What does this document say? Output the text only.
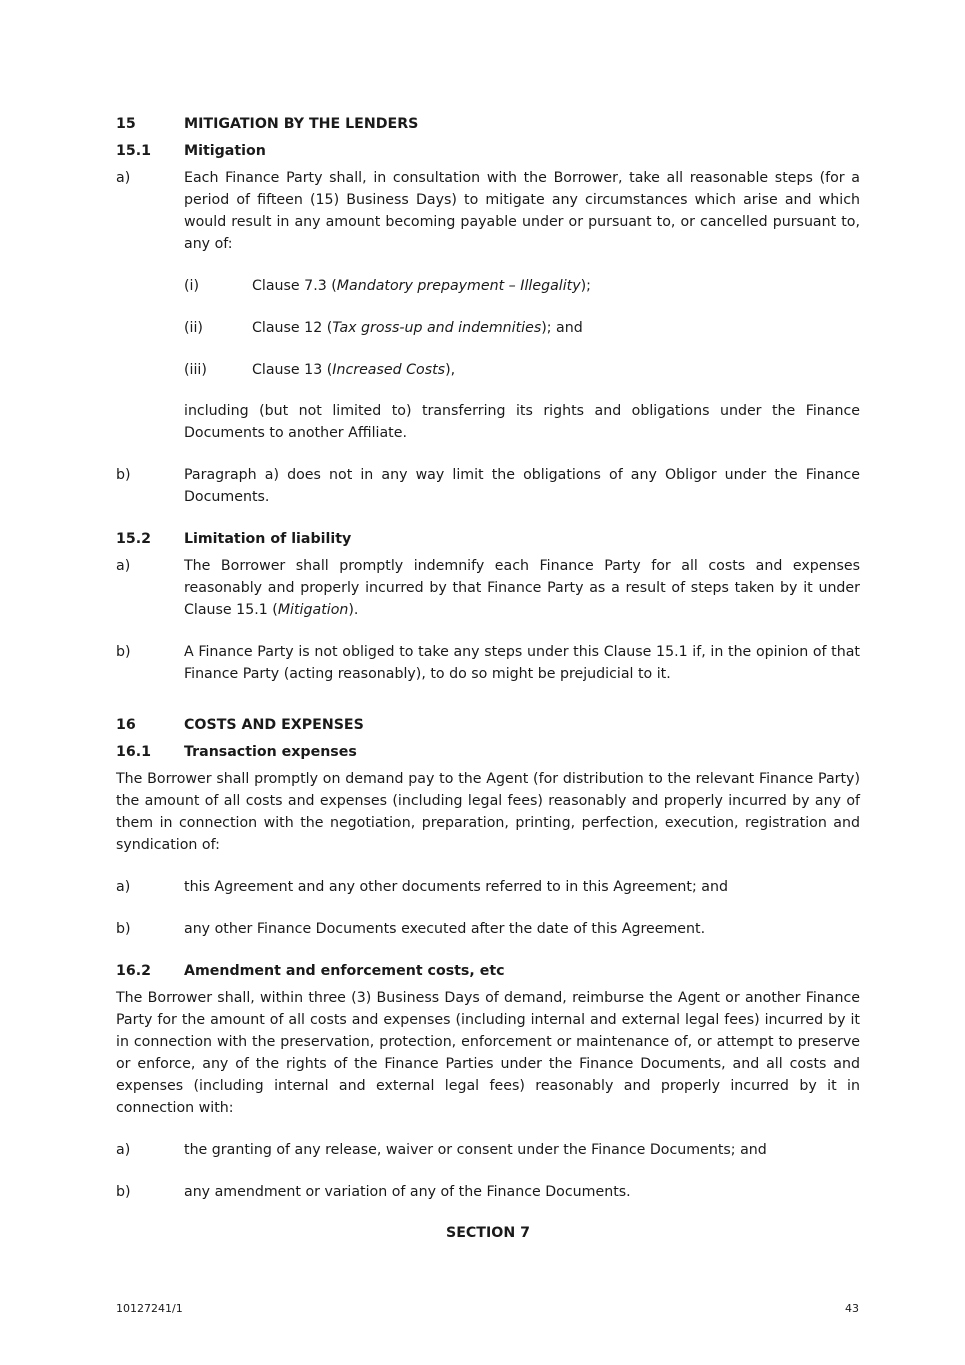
15	MITIGATION BY THE LENDERS
15.1 Mitigation
a)	Each Finance Party shall, in consultation with the Borrower, take all reasonable steps (for a period of fifteen (15) Business Days) to mitigate any circumstances which arise and which would result in any amount becoming payable under or pursuant to, or cancelled pursuant to, any of:
(i)	Clause 7.3 (Mandatory prepayment – Illegality);
(ii)	Clause 12 (Tax gross-up and indemnities); and
(iii)	Clause 13 (Increased Costs),
including (but not limited to) transferring its rights and obligations under the Finance Documents to another Affiliate.
b)	Paragraph a) does not in any way limit the obligations of any Obligor under the Finance Documents.
15.2 Limitation of liability
a)	The Borrower shall promptly indemnify each Finance Party for all costs and expenses reasonably and properly incurred by that Finance Party as a result of steps taken by it under Clause 15.1 (Mitigation).
b)	A Finance Party is not obliged to take any steps under this Clause 15.1 if, in the opinion of that Finance Party (acting reasonably), to do so might be prejudicial to it.
16	COSTS AND EXPENSES
16.1 Transaction expenses
The Borrower shall promptly on demand pay to the Agent (for distribution to the relevant Finance Party) the amount of all costs and expenses (including legal fees) reasonably and properly incurred by any of them in connection with the negotiation, preparation, printing, perfection, execution, registration and syndication of:
a)	this Agreement and any other documents referred to in this Agreement; and
b)	any other Finance Documents executed after the date of this Agreement.
16.2 Amendment and enforcement costs, etc
The Borrower shall, within three (3) Business Days of demand, reimburse the Agent or another Finance Party for the amount of all costs and expenses (including internal and external legal fees) incurred by it in connection with the preservation, protection, enforcement or maintenance of, or attempt to preserve or enforce, any of the rights of the Finance Parties under the Finance Documents, and all costs and expenses (including internal and external legal fees) reasonably and properly incurred by it in connection with:
a)	the granting of any release, waiver or consent under the Finance Documents; and
b)	any amendment or variation of any of the Finance Documents.
SECTION 7
10127241/1	43
